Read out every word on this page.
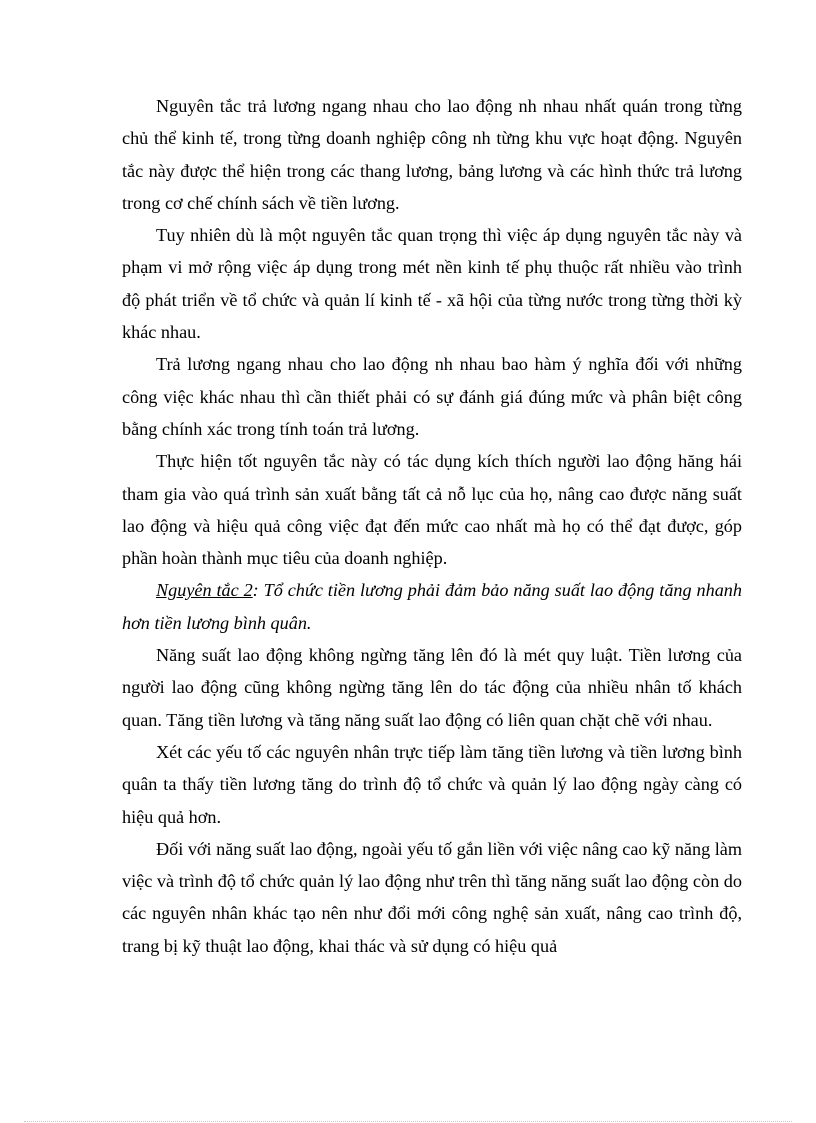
Nguyên tắc trả lương ngang nhau cho lao động nh nhau nhất quán trong từng chủ thể kinh tế, trong từng doanh nghiệp công nh từng khu vực hoạt động. Nguyên tắc này được thể hiện trong các thang lương, bảng lương và các hình thức trả lương trong cơ chế chính sách về tiền lương.

Tuy nhiên dù là một nguyên tắc quan trọng thì việc áp dụng nguyên tắc này và phạm vi mở rộng việc áp dụng trong mét nền kinh tế phụ thuộc rất nhiều vào trình độ phát triển về tổ chức và quản lí kinh tế - xã hội của từng nước trong từng thời kỳ khác nhau.

Trả lương ngang nhau cho lao động nh nhau bao hàm ý nghĩa đối với những công việc khác nhau thì cần thiết phải có sự đánh giá đúng mức và phân biệt công bằng chính xác trong tính toán trả lương.

Thực hiện tốt nguyên tắc này có tác dụng kích thích người lao động hăng hái tham gia vào quá trình sản xuất bằng tất cả nỗ lục của họ, nâng cao được năng suất lao động và hiệu quả công việc đạt đến mức cao nhất mà họ có thể đạt được, góp phần hoàn thành mục tiêu của doanh nghiệp.

Nguyên tắc 2: Tổ chức tiền lương phải đảm bảo năng suất lao động tăng nhanh hơn tiền lương bình quân.

Năng suất lao động không ngừng tăng lên đó là mét quy luật. Tiền lương của người lao động cũng không ngừng tăng lên do tác động của nhiều nhân tố khách quan. Tăng tiền lương và tăng năng suất lao động có liên quan chặt chẽ với nhau.

Xét các yếu tố các nguyên nhân trực tiếp làm tăng tiền lương và tiền lương bình quân ta thấy tiền lương tăng do trình độ tổ chức và quản lý lao động ngày càng có hiệu quả hơn.

Đối với năng suất lao động, ngoài yếu tố gắn liền với việc nâng cao kỹ năng làm việc và trình độ tổ chức quản lý lao động như trên thì tăng năng suất lao động còn do các nguyên nhân khác tạo nên như đổi mới công nghệ sản xuất, nâng cao trình độ, trang bị kỹ thuật lao động, khai thác và sử dụng có hiệu quả
